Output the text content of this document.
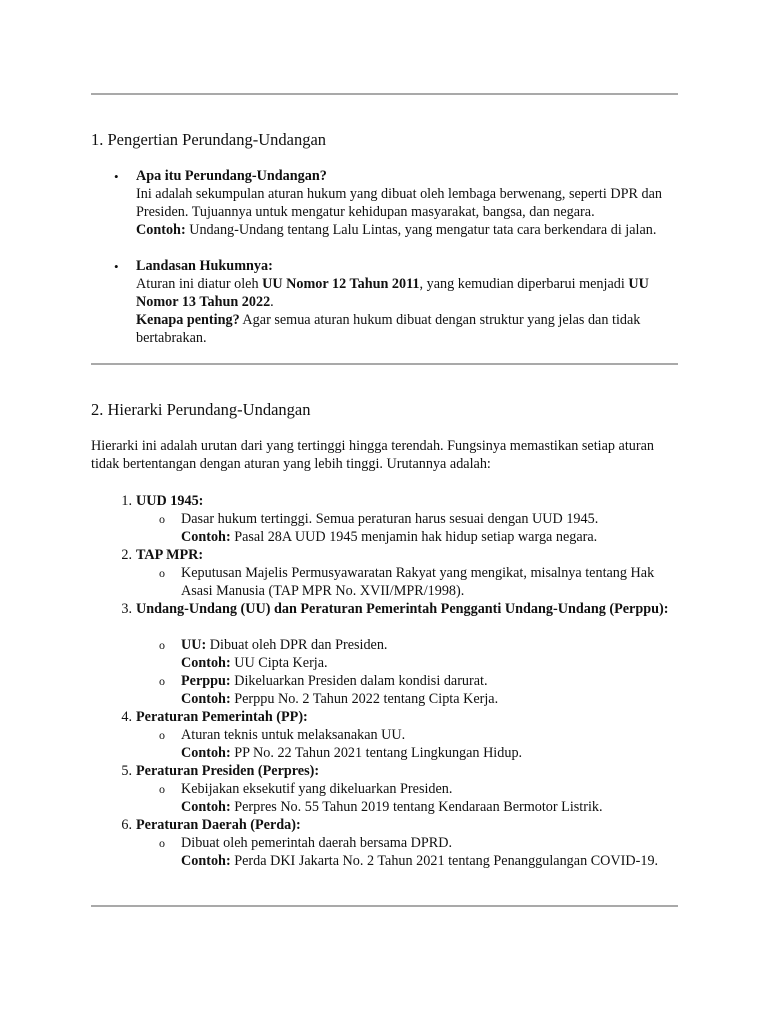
1. Pengertian Perundang-Undangan
• Apa itu Perundang-Undangan?

Ini adalah sekumpulan aturan hukum yang dibuat oleh lembaga berwenang, seperti DPR dan Presiden. Tujuannya untuk mengatur kehidupan masyarakat, bangsa, dan negara.

Contoh: Undang-Undang tentang Lalu Lintas, yang mengatur tata cara berkendara di jalan.

• Landasan Hukumnya:

Aturan ini diatur oleh UU Nomor 12 Tahun 2011, yang kemudian diperbarui menjadi UU Nomor 13 Tahun 2022.

Kenapa penting? Agar semua aturan hukum dibuat dengan struktur yang jelas dan tidak bertabrakan.

2. Hierarki Perundang-Undangan
Hierarki ini adalah urutan dari yang tertinggi hingga terendah. Fungsinya memastikan setiap aturan tidak bertentangan dengan aturan yang lebih tinggi. Urutannya adalah:
1. UUD 1945:
o Dasar hukum tertinggi. Semua peraturan harus sesuai dengan UUD 1945.

Contoh: Pasal 28A UUD 1945 menjamin hak hidup setiap warga negara.

2. TAP MPR:
o Keputusan Majelis Permusyawaratan Rakyat yang mengikat, misalnya tentang Hak Asasi Manusia (TAP MPR No. XVII/MPR/1998).

3. Undang-Undang (UU) dan Peraturan Pemerintah Pengganti Undang-Undang (Perppu):
o UU: Dibuat oleh DPR dan Presiden.

Contoh: UU Cipta Kerja.

o Perppu: Dikeluarkan Presiden dalam kondisi darurat.

Contoh: Perppu No. 2 Tahun 2022 tentang Cipta Kerja.

4. Peraturan Pemerintah (PP):
o Aturan teknis untuk melaksanakan UU.

Contoh: PP No. 22 Tahun 2021 tentang Lingkungan Hidup.

5. Peraturan Presiden (Perpres):
o Kebijakan eksekutif yang dikeluarkan Presiden.

Contoh: Perpres No. 55 Tahun 2019 tentang Kendaraan Bermotor Listrik.

6. Peraturan Daerah (Perda):
o Dibuat oleh pemerintah daerah bersama DPRD.

Contoh: Perda DKI Jakarta No. 2 Tahun 2021 tentang Penanggulangan COVID-19.
